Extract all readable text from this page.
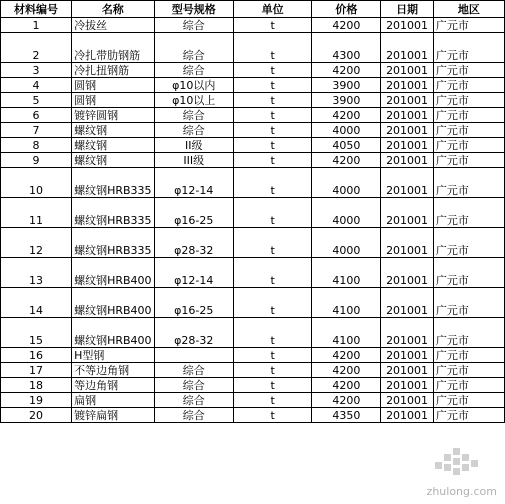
材料编号	名称	型号规格	单位	价格	日期	地区
1	冷拔丝	综合	t	4200	201001	广元市
2	冷扎带肋钢筋	综合	t	4300	201001	广元市
3	冷扎扭钢筋	综合	t	4200	201001	广元市
4	圆钢	φ10以内	t	3900	201001	广元市
5	圆钢	φ10以上	t	3900	201001	广元市
6	镀锌圆钢	综合	t	4200	201001	广元市
7	螺纹钢	综合	t	4000	201001	广元市
8	螺纹钢	II级	t	4050	201001	广元市
9	螺纹钢	III级	t	4200	201001	广元市
10	螺纹钢HRB335	φ12-14	t	4000	201001	广元市
11	螺纹钢HRB335	φ16-25	t	4000	201001	广元市
12	螺纹钢HRB335	φ28-32	t	4000	201001	广元市
13	螺纹钢HRB400	φ12-14	t	4100	201001	广元市
14	螺纹钢HRB400	φ16-25	t	4100	201001	广元市
15	螺纹钢HRB400	φ28-32	t	4100	201001	广元市
16	H型钢		t	4200	201001	广元市
17	不等边角钢	综合	t	4200	201001	广元市
18	等边角钢	综合	t	4200	201001	广元市
19	扁钢	综合	t	4200	201001	广元市
20	镀锌扁钢	综合	t	4350	201001	广元市
zhulong.com
